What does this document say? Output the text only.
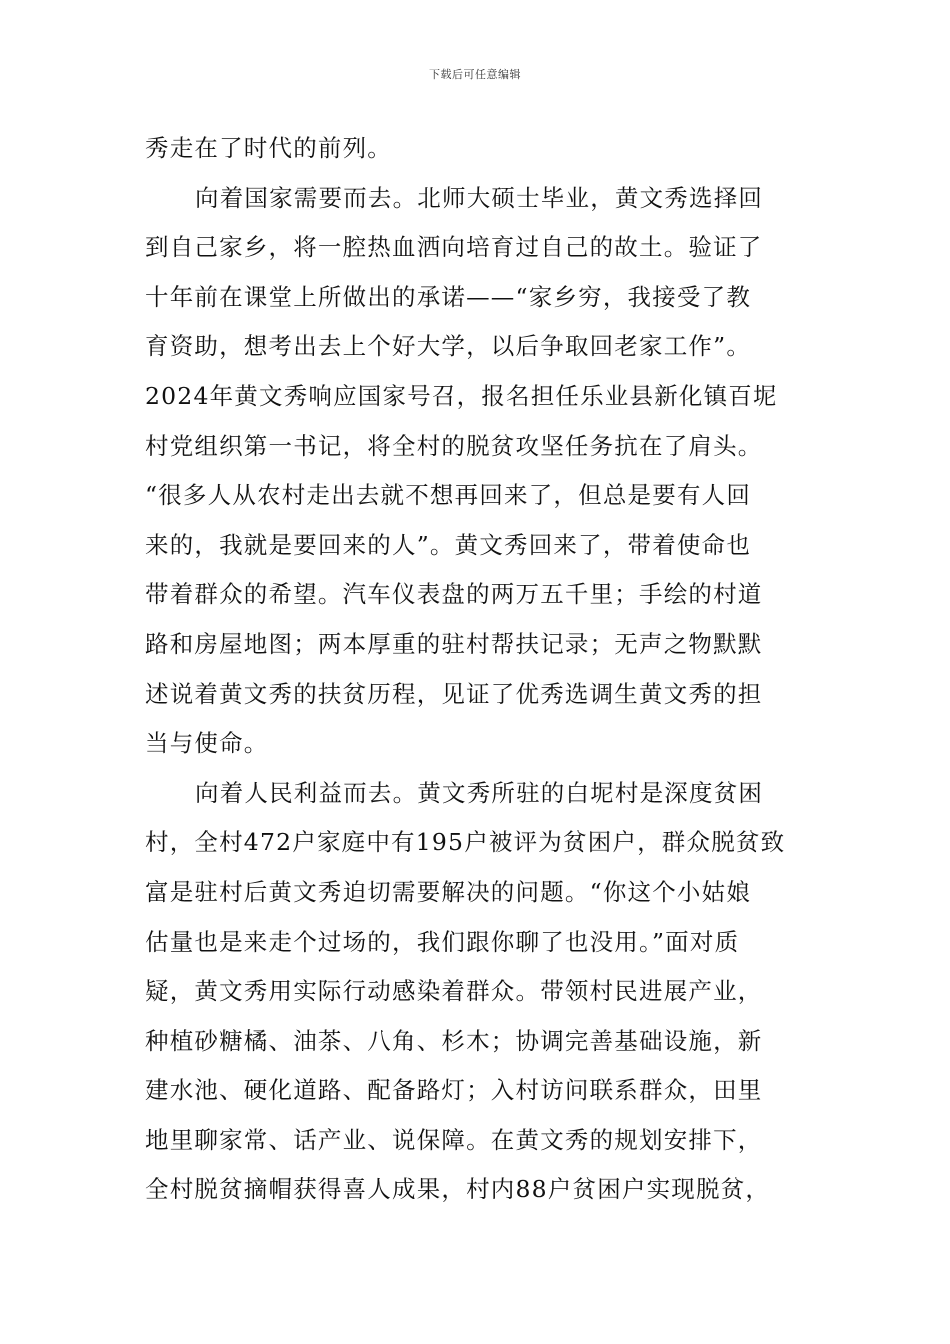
下载后可任意编辑
秀走在了时代的前列。
向着国家需要而去。北师大硕士毕业，黄文秀选择回
到自己家乡，将一腔热血洒向培育过自己的故土。验证了
十年前在课堂上所做出的承诺——“家乡穷，我接受了教
育资助，想考出去上个好大学，以后争取回老家工作”。
2024年黄文秀响应国家号召，报名担任乐业县新化镇百坭
村党组织第一书记，将全村的脱贫攻坚任务抗在了肩头。
“很多人从农村走出去就不想再回来了，但总是要有人回
来的，我就是要回来的人”。黄文秀回来了，带着使命也
带着群众的希望。汽车仪表盘的两万五千里；手绘的村道
路和房屋地图；两本厚重的驻村帮扶记录；无声之物默默
述说着黄文秀的扶贫历程，见证了优秀选调生黄文秀的担
当与使命。
向着人民利益而去。黄文秀所驻的白坭村是深度贫困
村，全村472户家庭中有195户被评为贫困户，群众脱贫致
富是驻村后黄文秀迫切需要解决的问题。“你这个小姑娘
估量也是来走个过场的，我们跟你聊了也没用。”面对质
疑，黄文秀用实际行动感染着群众。带领村民进展产业，
种植砂糖橘、油茶、八角、杉木；协调完善基础设施，新
建水池、硬化道路、配备路灯；入村访问联系群众，田里
地里聊家常、话产业、说保障。在黄文秀的规划安排下，
全村脱贫摘帽获得喜人成果，村内88户贫困户实现脱贫，
